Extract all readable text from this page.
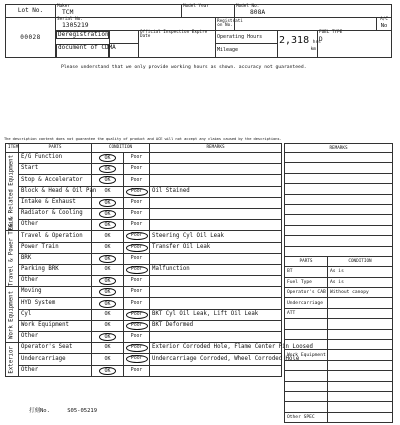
Lot No.	Maker
TCM			Model Year		Model No.
808A			

00028	Serial No.
1305219				Registrati on No.				A/C
No

Deregistration
		Official Inspection Expire Date		Operating Hours		2,318 hrs
km	FUEL TYPE
D	

document of CDMA
		Mileage				
Please understand that we only provide working hours as shown. accuracy not guaranteed.
The description content does not guarantee the quality of product and ACE will not accept any claims caused by the descriptions.
ITEM	PARTS	CONDITION		REMARKS
EG & Related Equipment	E/G Function	OK	Poor	
	Start	OK	Poor	
	Stop & Accelerator	OK	Poor	
	Block & Head & Oil Pan	OK	Poor	Oil Stained
	Intake & Exhaust	OK	Poor	
	Radiator & Cooling	OK	Poor	
	Other	OK	Poor	
Travel & Power Train	Travel & Operation	OK	Poor	Steering Cyl Oil Leak
	Power Train	OK	Poor	Transfer Oil Leak
	BRK	OK	Poor	
	Parking BRK	OK	Poor	Malfunction
	Other	OK	Poor	
Work Equipment	Moving	OK	Poor	
	HYD System	OK	Poor	
	Cyl	OK	Poor	BKT Cyl Oil Leak, Lift Oil Leak
	Work Equipment	OK	Poor	BKT Deformed
	Other	OK	Poor	
Exterior	Operator's Seat	OK	Poor	Exterior Corroded Hole, Flame Center Pin Loosed
	Undercarriage	OK	Poor	Undercarriage Corroded, Wheel Corroded Hole
	Other	OK	Poor	
REMARKS	

PARTS	CONDITION
BT	As is
Fuel Type	As is
Operator's CAB	Without canopy
Undercarriage	
ATT	

Work Equipment	

Other SPEC	
打刻No.	S05-05219
